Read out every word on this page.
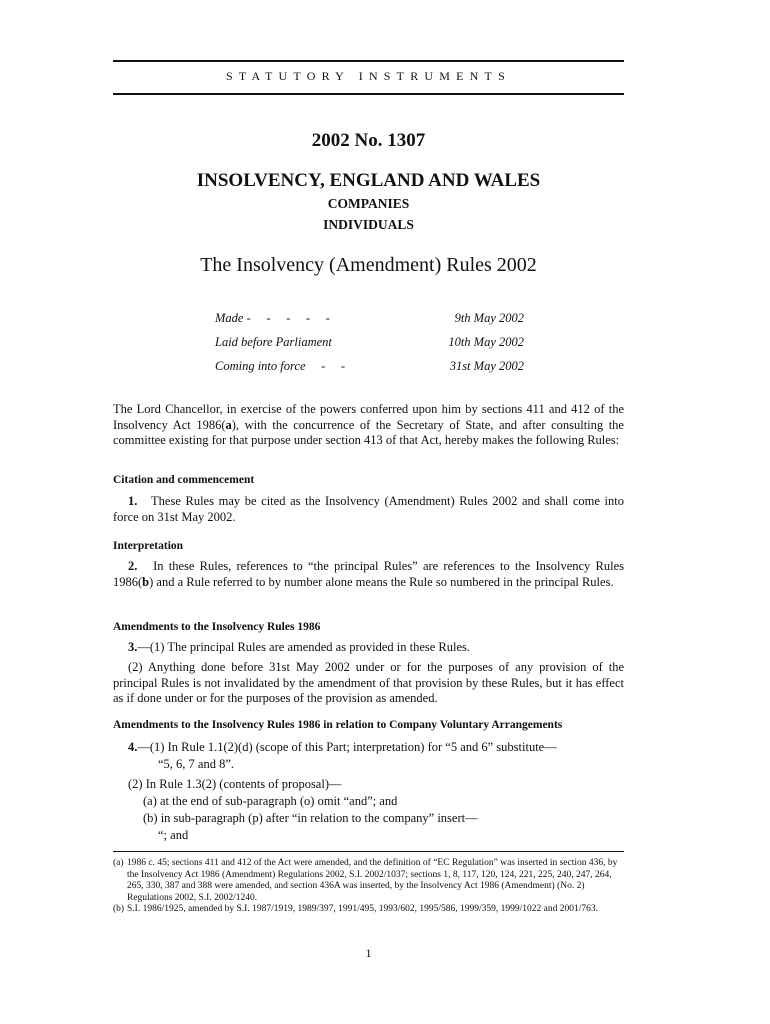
STATUTORY INSTRUMENTS
2002 No. 1307
INSOLVENCY, ENGLAND AND WALES
COMPANIES
INDIVIDUALS
The Insolvency (Amendment) Rules 2002
Made -     -     -     -     -	9th May 2002
Laid before Parliament	10th May 2002
Coming into force     -     -	31st May 2002
The Lord Chancellor, in exercise of the powers conferred upon him by sections 411 and 412 of the Insolvency Act 1986(a), with the concurrence of the Secretary of State, and after consulting the committee existing for that purpose under section 413 of that Act, hereby makes the following Rules:
Citation and commencement
1. These Rules may be cited as the Insolvency (Amendment) Rules 2002 and shall come into force on 31st May 2002.
Interpretation
2. In these Rules, references to “the principal Rules” are references to the Insolvency Rules 1986(b) and a Rule referred to by number alone means the Rule so numbered in the principal Rules.
Amendments to the Insolvency Rules 1986
3.—(1) The principal Rules are amended as provided in these Rules.
(2) Anything done before 31st May 2002 under or for the purposes of any provision of the principal Rules is not invalidated by the amendment of that provision by these Rules, but it has effect as if done under or for the purposes of the provision as amended.
Amendments to the Insolvency Rules 1986 in relation to Company Voluntary Arrangements
4.—(1) In Rule 1.1(2)(d) (scope of this Part; interpretation) for “5 and 6” substitute—
“5, 6, 7 and 8”.
(2) In Rule 1.3(2) (contents of proposal)—
(a) at the end of sub-paragraph (o) omit “and”; and
(b) in sub-paragraph (p) after “in relation to the company” insert—
“; and
(a) 1986 c. 45; sections 411 and 412 of the Act were amended, and the definition of “EC Regulation” was inserted in section 436, by the Insolvency Act 1986 (Amendment) Regulations 2002, S.I. 2002/1037; sections 1, 8, 117, 120, 124, 221, 225, 240, 247, 264, 265, 330, 387 and 388 were amended, and section 436A was inserted, by the Insolvency Act 1986 (Amendment) (No. 2) Regulations 2002, S.I. 2002/1240.
(b) S.I. 1986/1925, amended by S.I. 1987/1919, 1989/397, 1991/495, 1993/602, 1995/586, 1999/359, 1999/1022 and 2001/763.
1
